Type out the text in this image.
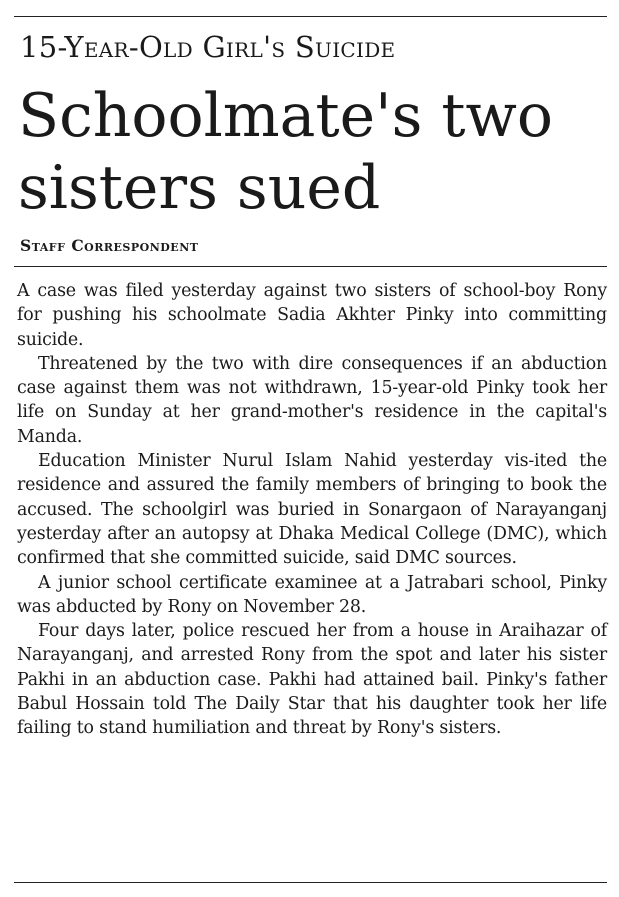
15-Year-Old Girl's Suicide
Schoolmate's two sisters sued
Staff Correspondent

A case was filed yesterday against two sisters of school-boy Rony for pushing his schoolmate Sadia Akhter Pinky into committing suicide.

Threatened by the two with dire consequences if an abduction case against them was not withdrawn, 15-year-old Pinky took her life on Sunday at her grand-mother's residence in the capital's Manda.

Education Minister Nurul Islam Nahid yesterday vis-ited the residence and assured the family members of bringing to book the accused. The schoolgirl was buried in Sonargaon of Narayanganj yesterday after an autopsy at Dhaka Medical College (DMC), which confirmed that she committed suicide, said DMC sources.

A junior school certificate examinee at a Jatrabari school, Pinky was abducted by Rony on November 28.

Four days later, police rescued her from a house in Araihazar of Narayanganj, and arrested Rony from the spot and later his sister Pakhi in an abduction case. Pakhi had attained bail. Pinky's father Babul Hossain told The Daily Star that his daughter took her life failing to stand humiliation and threat by Rony's sisters.
